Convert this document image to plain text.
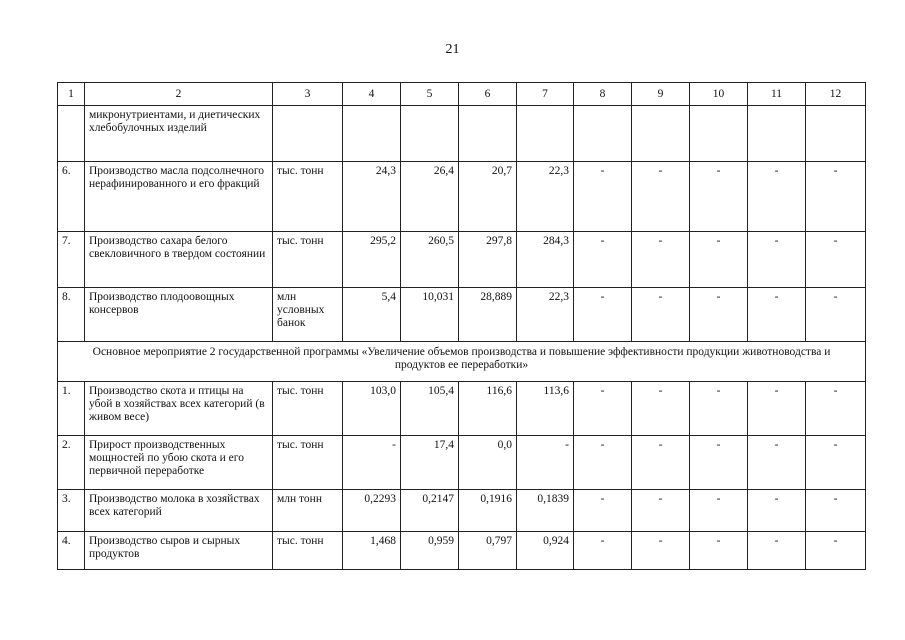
21
1	2	3	4	5	6	7	8	9	10	11	12
	микронутриентами, и диетических хлебобулочных изделий										
6.	Производство масла подсолнечного нерафинированного и его фракций	тыс. тонн	24,3	26,4	20,7	22,3	-	-	-	-	-
7.	Производство сахара белого свекловичного в твердом состоянии	тыс. тонн	295,2	260,5	297,8	284,3	-	-	-	-	-
8.	Производство плодоовощных консервов	млн условных банок	5,4	10,031	28,889	22,3	-	-	-	-	-
Основное мероприятие 2 государственной программы «Увеличение объемов производства и повышение эффективности продукции животноводства и продуктов ее переработки»											
1.	Производство скота и птицы на убой в хозяйствах всех категорий (в живом весе)	тыс. тонн	103,0	105,4	116,6	113,6	-	-	-	-	-
2.	Прирост производственных мощностей по убою скота и его первичной переработке	тыс. тонн	-	17,4	0,0	-	-	-	-	-	-
3.	Производство молока в хозяйствах всех категорий	млн тонн	0,2293	0,2147	0,1916	0,1839	-	-	-	-	-
4.	Производство сыров и сырных продуктов	тыс. тонн	1,468	0,959	0,797	0,924	-	-	-	-	-
